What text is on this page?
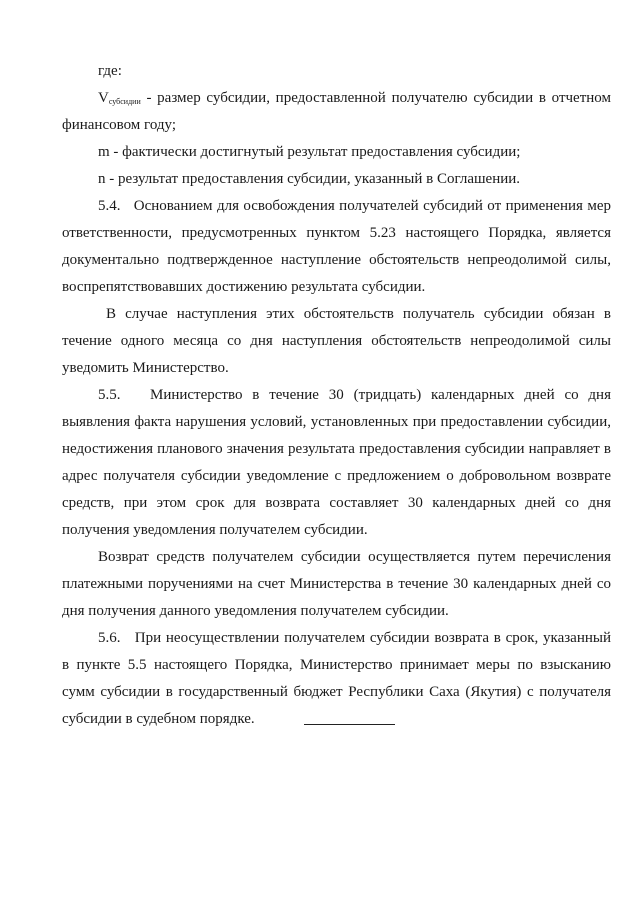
где:

$V_{субсидии}$ - размер субсидии, предоставленной получателю субсидии в отчетном финансовом году;

m - фактически достигнутый результат предоставления субсидии;

n - результат предоставления субсидии, указанный в Соглашении.

5.4. Основанием для освобождения получателей субсидий от применения мер ответственности, предусмотренных пунктом 5.23 настоящего Порядка, является документально подтвержденное наступление обстоятельств непреодолимой силы, воспрепятствовавших достижению результата субсидии.

В случае наступления этих обстоятельств получатель субсидии обязан в течение одного месяца со дня наступления обстоятельств непреодолимой силы уведомить Министерство.

5.5. Министерство в течение 30 (тридцать) календарных дней со дня выявления факта нарушения условий, установленных при предоставлении субсидии, недостижения планового значения результата предоставления субсидии направляет в адрес получателя субсидии уведомление с предложением о добровольном возврате средств, при этом срок для возврата составляет 30 календарных дней со дня получения уведомления получателем субсидии.

Возврат средств получателем субсидии осуществляется путем перечисления платежными поручениями на счет Министерства в течение 30 календарных дней со дня получения данного уведомления получателем субсидии.

5.6. При неосуществлении получателем субсидии возврата в срок, указанный в пункте 5.5 настоящего Порядка, Министерство принимает меры по взысканию сумм субсидии в государственный бюджет Республики Саха (Якутия) с получателя субсидии в судебном порядке.
